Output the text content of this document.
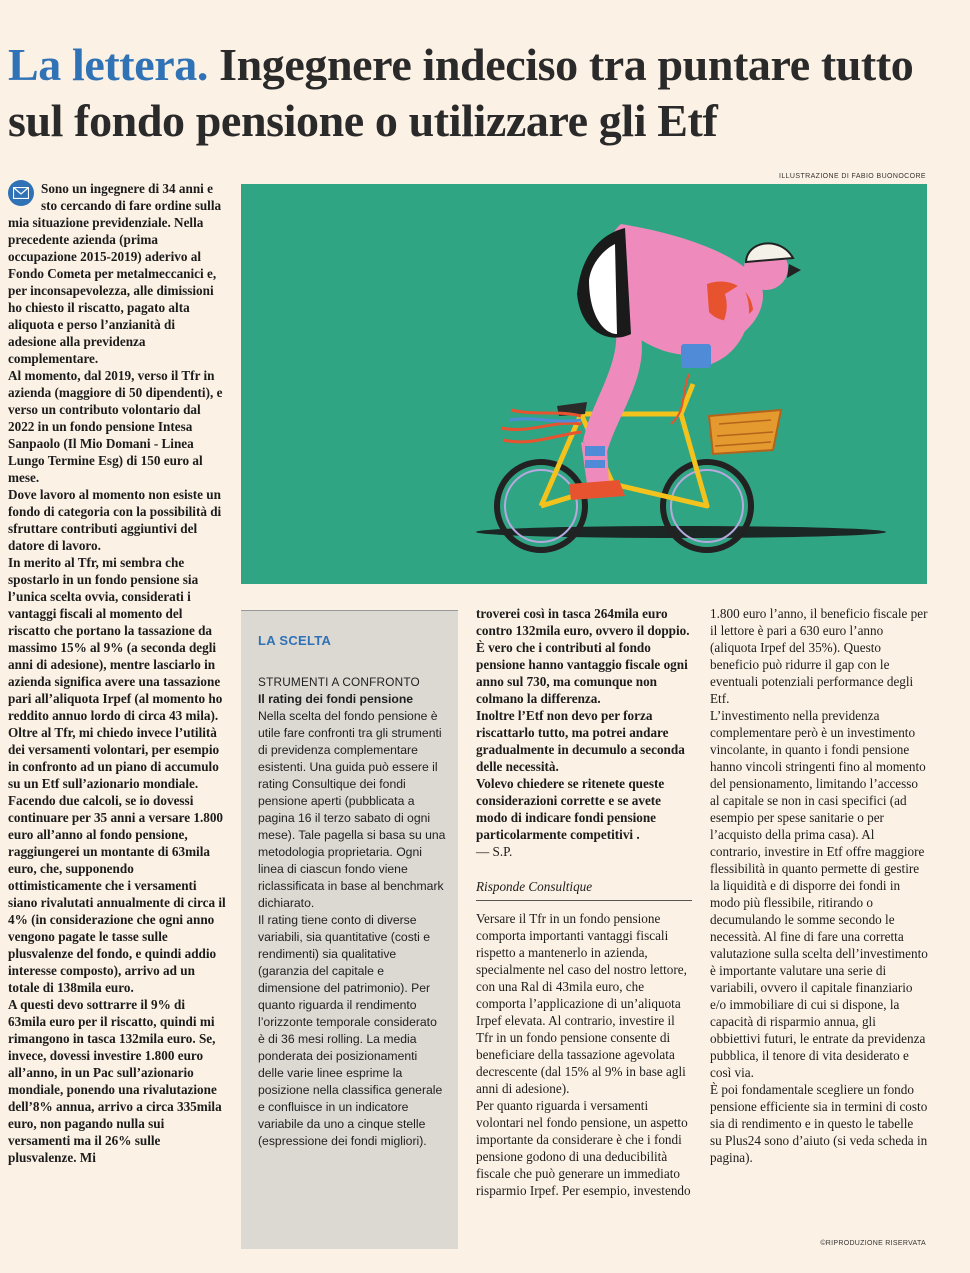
La lettera. Ingegnere indeciso tra puntare tutto sul fondo pensione o utilizzare gli Etf
ILLUSTRAZIONE DI FABIO BUONOCORE

Sono un ingegnere di 34 anni e sto cercando di fare ordine sulla mia situazione previdenziale. Nella precedente azienda (prima occupazione 2015-2019) aderivo al Fondo Cometa per metalmeccanici e, per inconsapevolezza, alle dimissioni ho chiesto il riscatto, pagato alta aliquota e perso l’anzianità di adesione alla previdenza complementare.

Al momento, dal 2019, verso il Tfr in azienda (maggiore di 50 dipendenti), e verso un contributo volontario dal 2022 in un fondo pensione Intesa Sanpaolo (Il Mio Domani - Linea Lungo Termine Esg) di 150 euro al mese.

Dove lavoro al momento non esiste un fondo di categoria con la possibilità di sfruttare contributi aggiuntivi del datore di lavoro.

In merito al Tfr, mi sembra che spostarlo in un fondo pensione sia l’unica scelta ovvia, considerati i vantaggi fiscali al momento del riscatto che portano la tassazione da massimo 15% al 9% (a seconda degli anni di adesione), mentre lasciarlo in azienda significa avere una tassazione pari all’aliquota Irpef (al momento ho reddito annuo lordo di circa 43 mila).

Oltre al Tfr, mi chiedo invece l’utilità dei versamenti volontari, per esempio in confronto ad un piano di accumulo su un Etf sull’azionario mondiale.

Facendo due calcoli, se io dovessi continuare per 35 anni a versare 1.800 euro all’anno al fondo pensione, raggiungerei un montante di 63mila euro, che, supponendo ottimisticamente che i versamenti siano rivalutati annualmente di circa il 4% (in considerazione che ogni anno vengono pagate le tasse sulle plusvalenze del fondo, e quindi addio interesse composto), arrivo ad un totale di 138mila euro.

A questi devo sottrarre il 9% di 63mila euro per il riscatto, quindi mi rimangono in tasca 132mila euro. Se, invece, dovessi investire 1.800 euro all’anno, in un Pac sull’azionario mondiale, ponendo una rivalutazione dell’8% annua, arrivo a circa 335mila euro, non pagando nulla sui versamenti ma il 26% sulle plusvalenze. Mi

LA SCELTA

STRUMENTI A CONFRONTO

Il rating dei fondi pensione

Nella scelta del fondo pensione è utile fare confronti tra gli strumenti di previdenza complementare esistenti. Una guida può essere il rating Consultique dei fondi pensione aperti (pubblicata a pagina 16 il terzo sabato di ogni mese). Tale pagella si basa su una metodologia proprietaria. Ogni linea di ciascun fondo viene riclassificata in base al benchmark dichiarato.

Il rating tiene conto di diverse variabili, sia quantitative (costi e rendimenti) sia qualitative (garanzia del capitale e dimensione del patrimonio). Per quanto riguarda il rendimento l’orizzonte temporale considerato è di 36 mesi rolling. La media ponderata dei posizionamenti delle varie linee esprime la posizione nella classifica generale e confluisce in un indicatore variabile da uno a cinque stelle (espressione dei fondi migliori).

troverei così in tasca 264mila euro contro 132mila euro, ovvero il doppio.

È vero che i contributi al fondo pensione hanno vantaggio fiscale ogni anno sul 730, ma comunque non colmano la differenza.

Inoltre l’Etf non devo per forza riscattarlo tutto, ma potrei andare gradualmente in decumulo a seconda delle necessità.

Volevo chiedere se ritenete queste considerazioni corrette e se avete modo di indicare fondi pensione particolarmente competitivi .

— S.P.

Risponde Consultique

Versare il Tfr in un fondo pensione comporta importanti vantaggi fiscali rispetto a mantenerlo in azienda, specialmente nel caso del nostro lettore, con una Ral di 43mila euro, che comporta l’applicazione di un’aliquota Irpef elevata. Al contrario, investire il Tfr in un fondo pensione consente di beneficiare della tassazione agevolata decrescente (dal 15% al 9% in base agli anni di adesione).

Per quanto riguarda i versamenti volontari nel fondo pensione, un aspetto importante da considerare è che i fondi pensione godono di una deducibilità fiscale che può generare un immediato risparmio Irpef. Per esempio, investendo

1.800 euro l’anno, il beneficio fiscale per il lettore è pari a 630 euro l’anno (aliquota Irpef del 35%). Questo beneficio può ridurre il gap con le eventuali potenziali performance degli Etf.

L’investimento nella previdenza complementare però è un investimento vincolante, in quanto i fondi pensione hanno vincoli stringenti fino al momento del pensionamento, limitando l’accesso al capitale se non in casi specifici (ad esempio per spese sanitarie o per l’acquisto della prima casa). Al contrario, investire in Etf offre maggiore flessibilità in quanto permette di gestire la liquidità e di disporre dei fondi in modo più flessibile, ritirando o decumulando le somme secondo le necessità. Al fine di fare una corretta valutazione sulla scelta dell’investimento è importante valutare una serie di variabili, ovvero il capitale finanziario e/o immobiliare di cui si dispone, la capacità di risparmio annua, gli obbiettivi futuri, le entrate da previdenza pubblica, il tenore di vita desiderato e così via.

È poi fondamentale scegliere un fondo pensione efficiente sia in termini di costo sia di rendimento e in questo le tabelle su Plus24 sono d’aiuto (si veda scheda in pagina).

©RIPRODUZIONE RISERVATA
